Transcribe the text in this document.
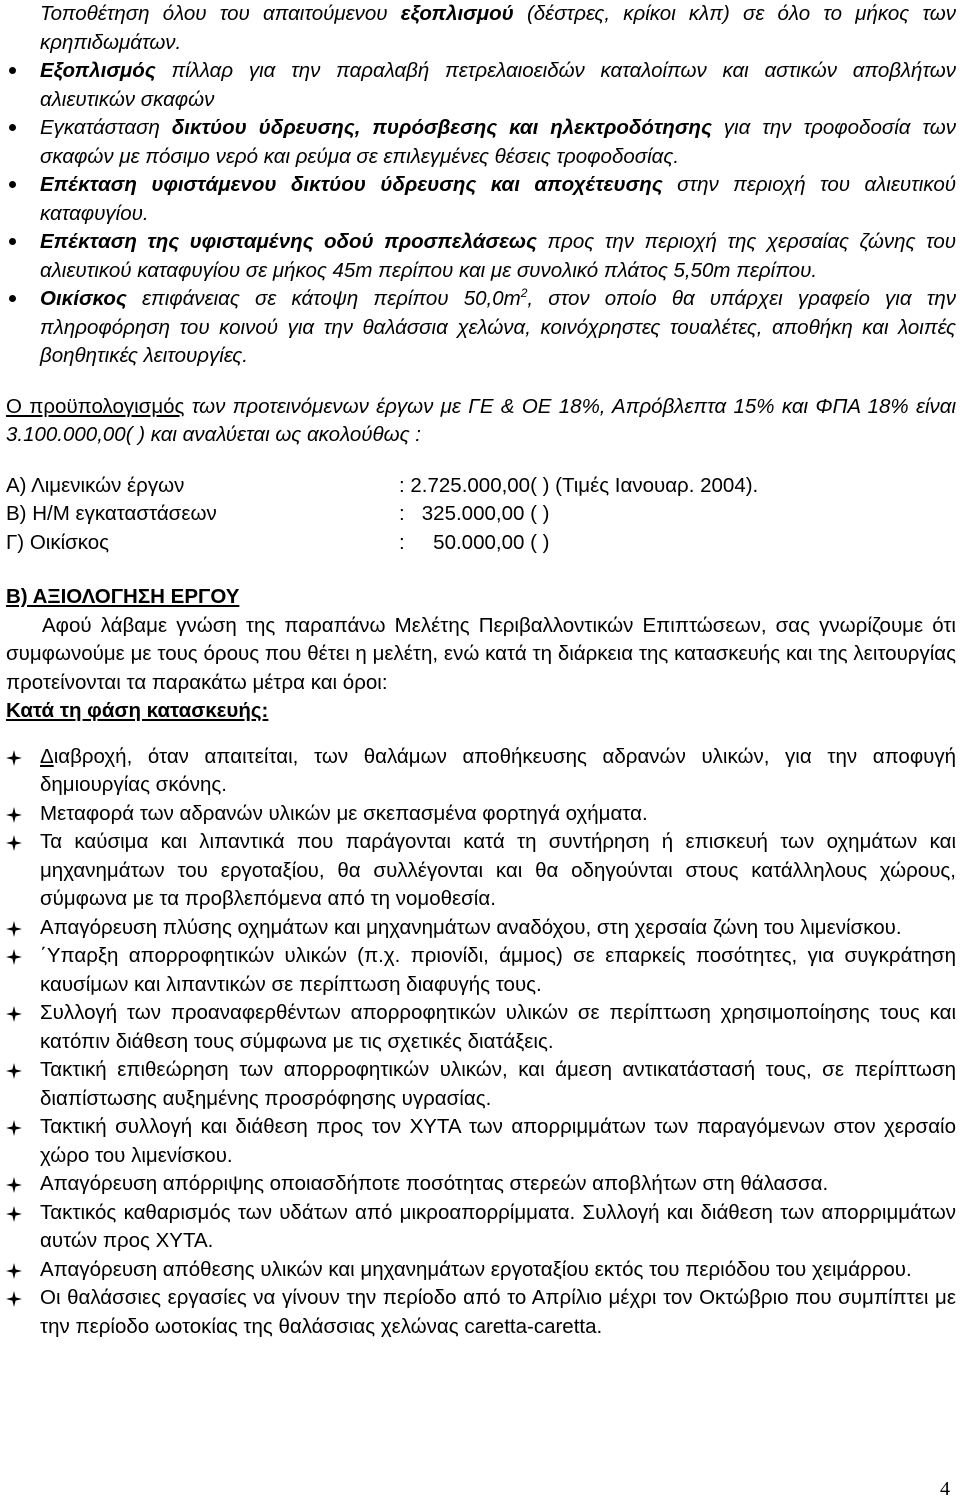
Τοποθέτηση όλου του απαιτούμενου εξοπλισμού (δέστρες, κρίκοι κλπ) σε όλο το μήκος των κρηπιδωμάτων.

Εξοπλισμός πίλλαρ για την παραλαβή πετρελαιοειδών καταλοίπων και αστικών αποβλήτων αλιευτικών σκαφών
Εγκατάσταση δικτύου ύδρευσης, πυρόσβεσης και ηλεκτροδότησης για την τροφοδοσία των σκαφών με πόσιμο νερό και ρεύμα σε επιλεγμένες θέσεις τροφοδοσίας.
Επέκταση υφιστάμενου δικτύου ύδρευσης και αποχέτευσης στην περιοχή του αλιευτικού καταφυγίου.
Επέκταση της υφισταμένης οδού προσπελάσεως προς την περιοχή της χερσαίας ζώνης του αλιευτικού καταφυγίου σε μήκος 45m περίπου και με συνολικό πλάτος 5,50m περίπου.
Οικίσκος επιφάνειας σε κάτοψη περίπου $50,0m^2$, στον οποίο θα υπάρχει γραφείο για την πληροφόρηση του κοινού για την θαλάσσια χελώνα, κοινόχρηστες τουαλέτες, αποθήκη και λοιπές βοηθητικές λειτουργίες.

Ο προϋπολογισμός των προτεινόμενων έργων με ΓΕ & ΟΕ 18%, Απρόβλεπτα 15% και ΦΠΑ 18% είναι 3.100.000,00( ) και αναλύεται ως ακολούθως :

Α) Λιμενικών έργων	: 2.725.000,00( ) (Τιμές Ιανουαρ. 2004).
Β) Η/Μ εγκαταστάσεων	:   325.000,00 ( )
Γ) Οικίσκος	:     50.000,00 ( )

Β) ΑΞΙΟΛΟΓΗΣΗ ΕΡΓΟΥ

Αφού λάβαμε γνώση της παραπάνω Μελέτης Περιβαλλοντικών Επιπτώσεων, σας γνωρίζουμε ότι συμφωνούμε με τους όρους που θέτει η μελέτη, ενώ κατά τη διάρκεια της κατασκευής και της λειτουργίας προτείνονται τα παρακάτω μέτρα και όροι:

Κατά τη φάση κατασκευής:

Διαβροχή, όταν απαιτείται, των θαλάμων αποθήκευσης αδρανών υλικών, για την αποφυγή δημιουργίας σκόνης.
Μεταφορά των αδρανών υλικών με σκεπασμένα φορτηγά οχήματα.
Τα καύσιμα και λιπαντικά που παράγονται κατά τη συντήρηση ή επισκευή των οχημάτων και μηχανημάτων του εργοταξίου, θα συλλέγονται και θα οδηγούνται στους κατάλληλους χώρους, σύμφωνα με τα προβλεπόμενα από τη νομοθεσία.
Απαγόρευση πλύσης οχημάτων και μηχανημάτων αναδόχου, στη χερσαία ζώνη του λιμενίσκου.
΄Υπαρξη απορροφητικών υλικών (π.χ. πριονίδι, άμμος) σε επαρκείς ποσότητες, για συγκράτηση καυσίμων και λιπαντικών σε περίπτωση διαφυγής τους.
Συλλογή των προαναφερθέντων απορροφητικών υλικών σε περίπτωση χρησιμοποίησης τους και κατόπιν διάθεση τους σύμφωνα με τις σχετικές διατάξεις.
Τακτική επιθεώρηση των απορροφητικών υλικών, και άμεση αντικατάστασή τους, σε περίπτωση διαπίστωσης αυξημένης προσρόφησης υγρασίας.
Τακτική συλλογή και διάθεση προς τον ΧΥΤΑ των απορριμμάτων των παραγόμενων στον χερσαίο χώρο του λιμενίσκου.
Απαγόρευση απόρριψης οποιασδήποτε ποσότητας στερεών αποβλήτων στη θάλασσα.
Τακτικός καθαρισμός των υδάτων από μικροαπορρίμματα. Συλλογή και διάθεση των απορριμμάτων αυτών προς ΧΥΤΑ.
Απαγόρευση απόθεσης υλικών και μηχανημάτων εργοταξίου εκτός του περιόδου του χειμάρρου.
Οι θαλάσσιες εργασίες να γίνουν την περίοδο από το Απρίλιο μέχρι τον Οκτώβριο που συμπίπτει με την περίοδο ωοτοκίας της θαλάσσιας χελώνας caretta-caretta.
4
